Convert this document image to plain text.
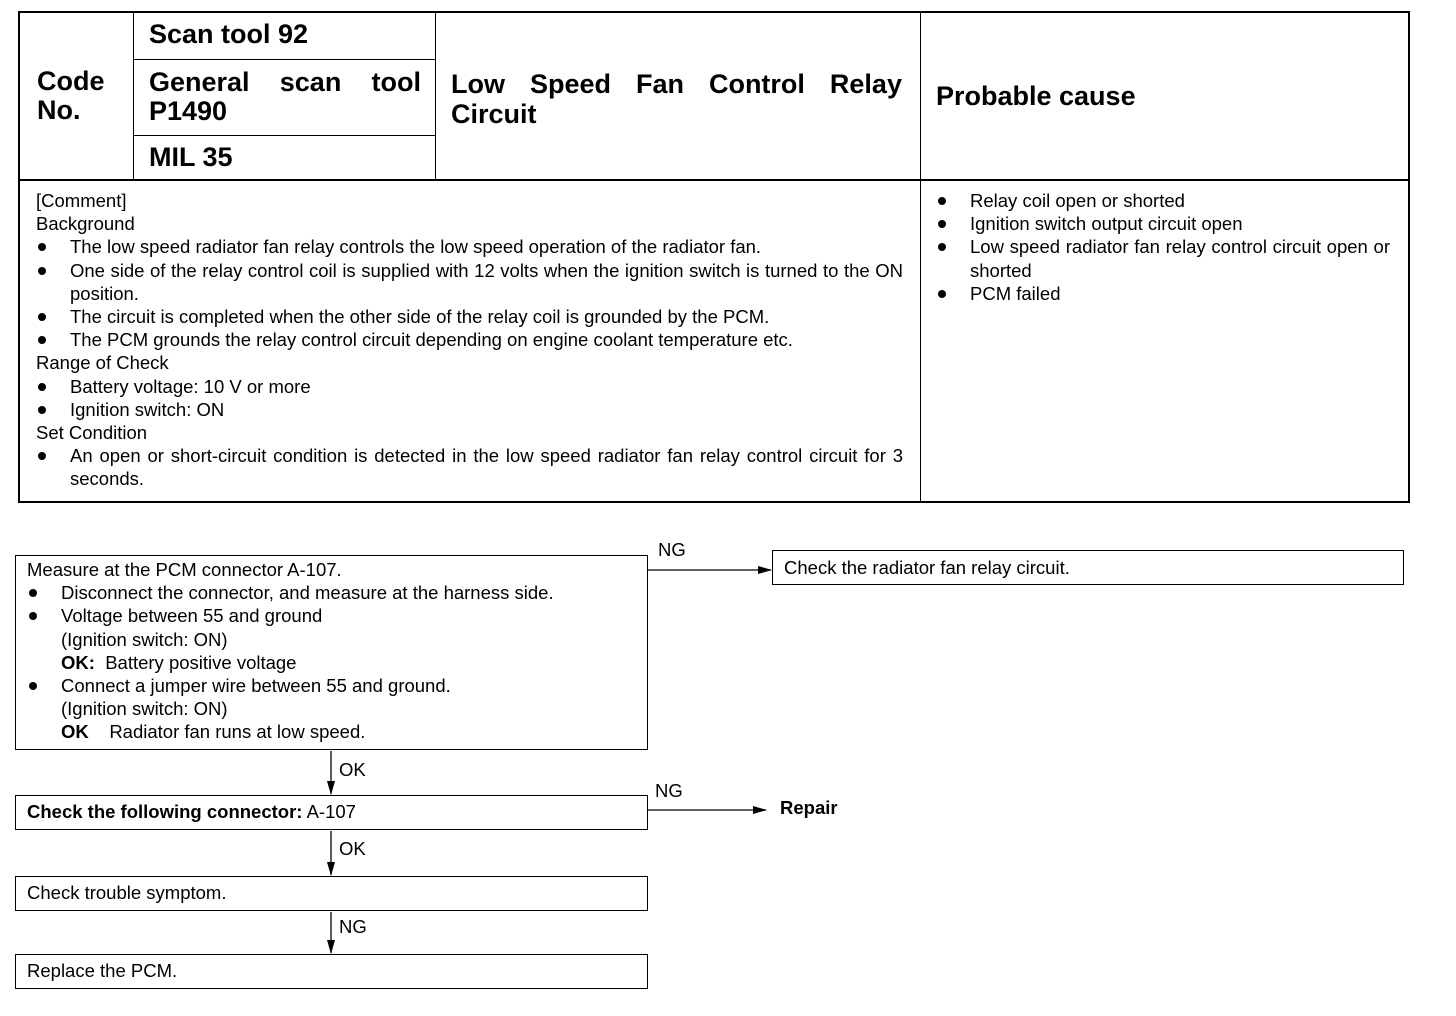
Code
No.
Scan tool 92
General scan tool
P1490
MIL 35
Low Speed Fan Control Relay
Circuit
Probable cause
[Comment]
Background
The low speed radiator fan relay controls the low speed operation of the radiator fan.
One side of the relay control coil is supplied with 12 volts when the ignition switch is turned to the ON position.
The circuit is completed when the other side of the relay coil is grounded by the PCM.
The PCM grounds the relay control circuit depending on engine coolant temperature etc.
Range of Check
Battery voltage: 10 V or more
Ignition switch: ON
Set Condition
An open or short-circuit condition is detected in the low speed radiator fan relay control circuit for 3 seconds.
Relay coil open or shorted
Ignition switch output circuit open
Low speed radiator fan relay control circuit open or shorted
PCM failed
Measure at the PCM connector A-107.
Disconnect the connector, and measure at the harness side.
Voltage between 55 and ground
(Ignition switch: ON)
OK: Battery positive voltage
Connect a jumper wire between 55 and ground.
(Ignition switch: ON)
OK Radiator fan runs at low speed.
NG
Check the radiator fan relay circuit.
OK
Check the following connector: A-107
NG
Repair
OK
Check trouble symptom.
NG
Replace the PCM.
